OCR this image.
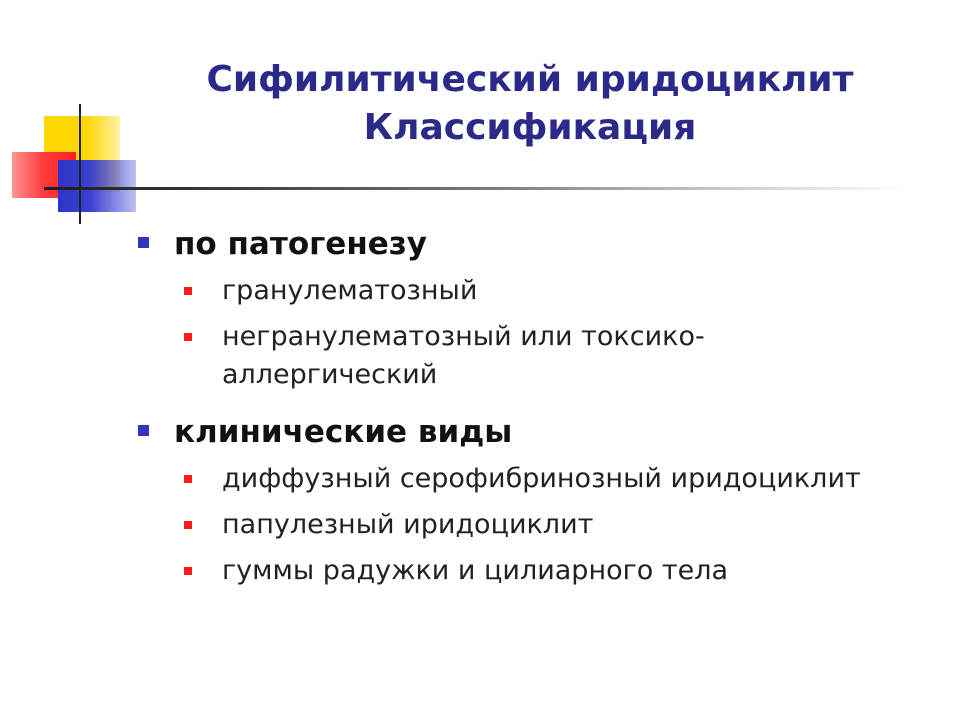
Сифилитический иридоциклит
Классификация
по патогенезу
гранулематозный
негранулематозный или токсико-аллергический
клинические виды
диффузный серофибринозный иридоциклит
папулезный иридоциклит
гуммы радужки и цилиарного тела
